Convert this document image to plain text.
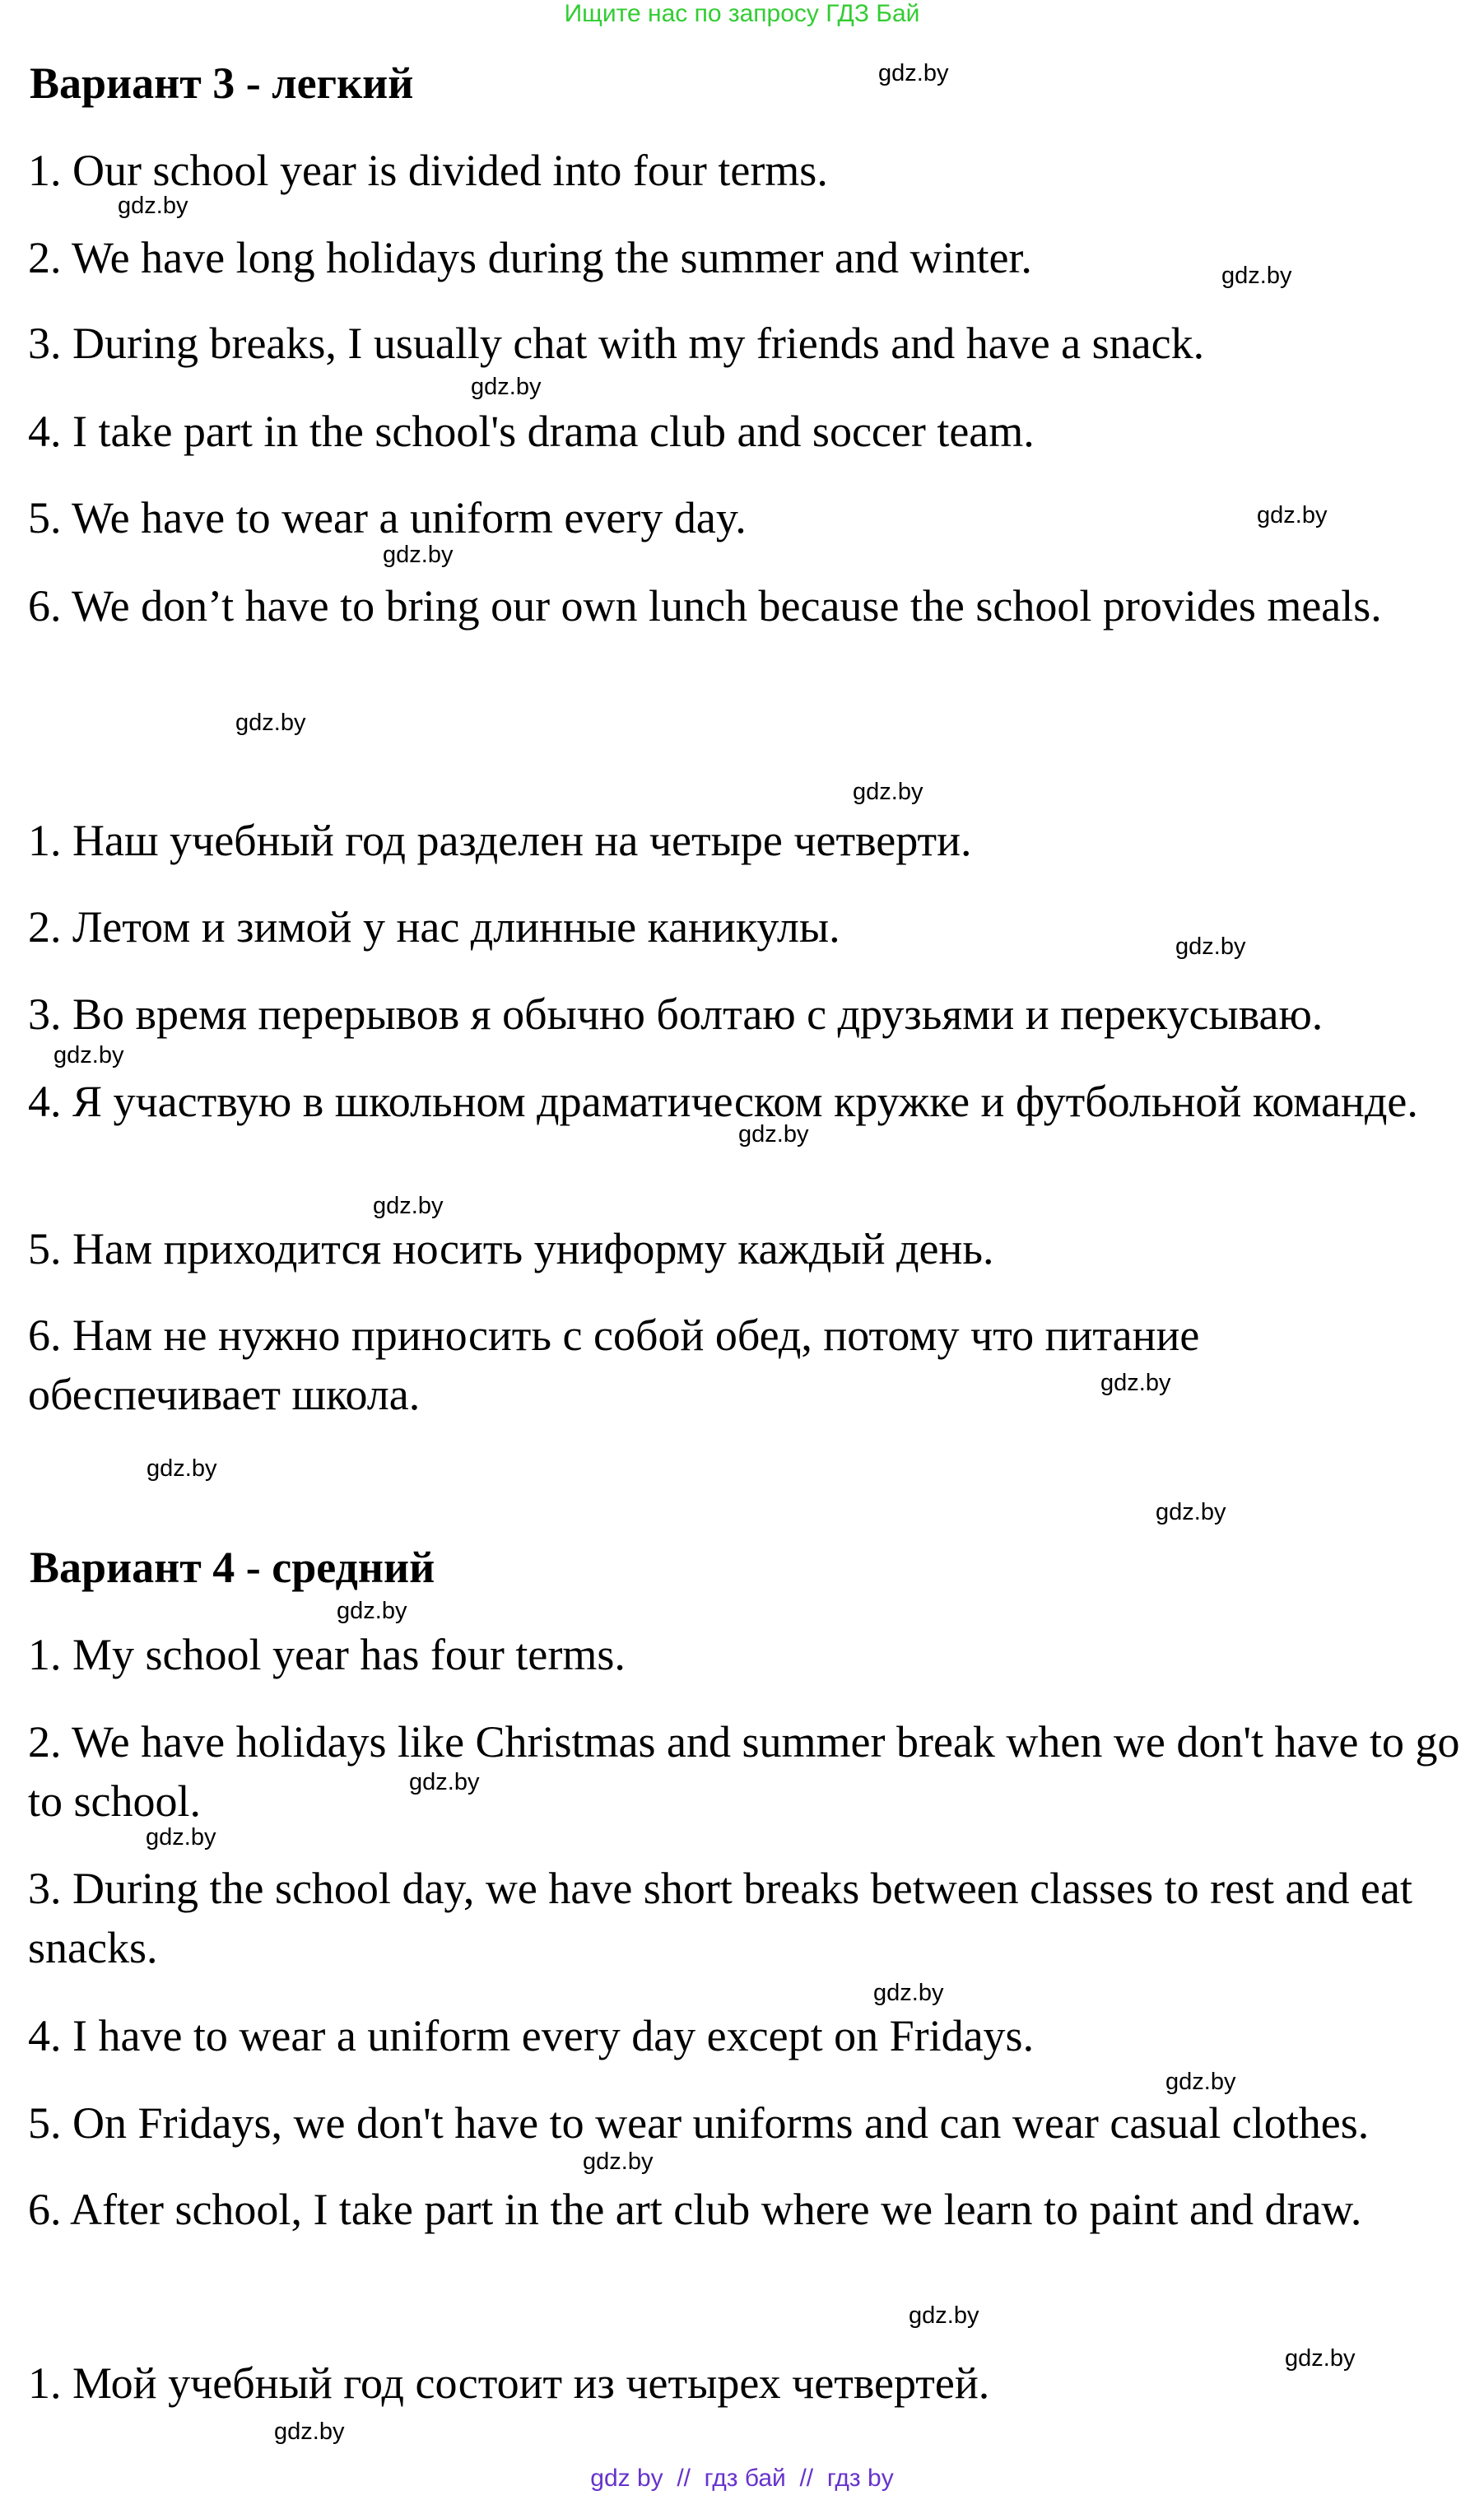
Ищите нас по запросу ГДЗ Бай
Вариант 3 - легкий
1. Our school year is divided into four terms.
2. We have long holidays during the summer and winter.
3. During breaks, I usually chat with my friends and have a snack.
4. I take part in the school's drama club and soccer team.
5. We have to wear a uniform every day.
6. We don’t have to bring our own lunch because the school provides meals.
1. Наш учебный год разделен на четыре четверти.
2. Летом и зимой у нас длинные каникулы.
3. Во время перерывов я обычно болтаю с друзьями и перекусываю.
4. Я участвую в школьном драматическом кружке и футбольной команде.
5. Нам приходится носить униформу каждый день.
6. Нам не нужно приносить с собой обед, потому что питание обеспечивает школа.
Вариант 4 - средний
1. My school year has four terms.
2. We have holidays like Christmas and summer break when we don't have to go to school.
3. During the school day, we have short breaks between classes to rest and eat snacks.
4. I have to wear a uniform every day except on Fridays.
5. On Fridays, we don't have to wear uniforms and can wear casual clothes.
6. After school, I take part in the art club where we learn to paint and draw.
1. Мой учебный год состоит из четырех четвертей.
gdz.by
gdz.by
gdz.by
gdz.by
gdz.by
gdz.by
gdz.by
gdz.by
gdz.by
gdz.by
gdz.by
gdz.by
gdz.by
gdz.by
gdz.by
gdz.by
gdz.by
gdz.by
gdz.by
gdz.by
gdz.by
gdz.by
gdz.by
gdz.by
gdz by  //  гдз бай  //  гдз by
